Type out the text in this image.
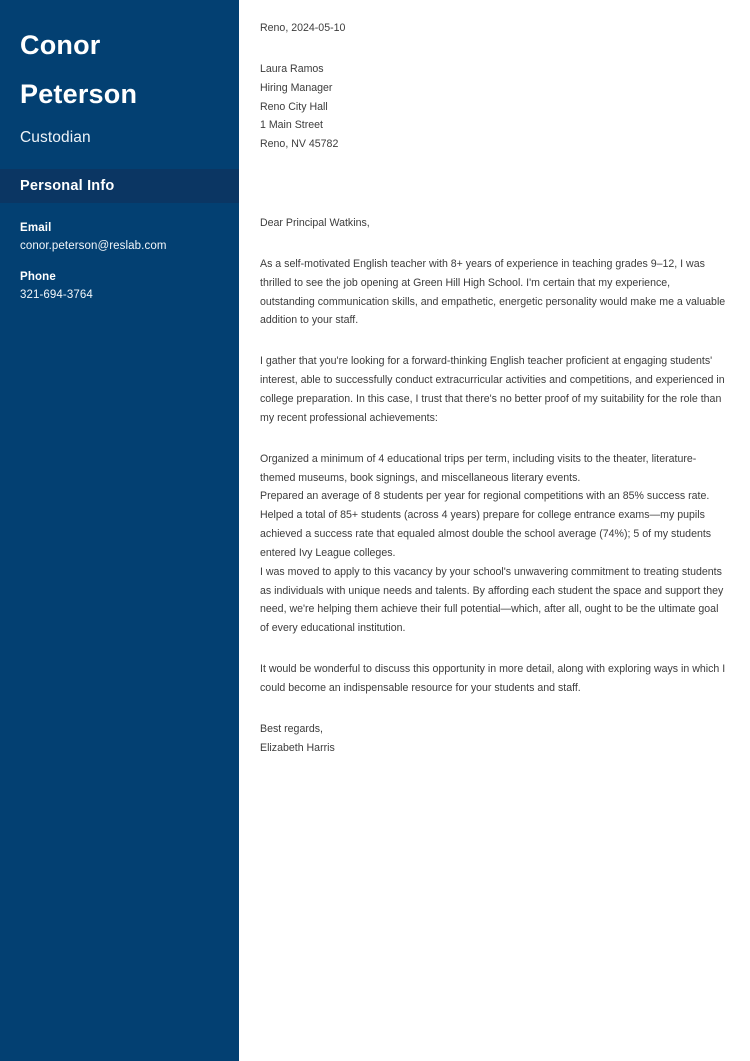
Conor
Peterson
Custodian
Personal Info
Email
conor.peterson@reslab.com
Phone
321-694-3764
Reno, 2024-05-10
Laura Ramos
Hiring Manager
Reno City Hall
1 Main Street
Reno, NV 45782
Dear Principal Watkins,

As a self-motivated English teacher with 8+ years of experience in teaching grades 9–12, I was thrilled to see the job opening at Green Hill High School. I'm certain that my experience, outstanding communication skills, and empathetic, energetic personality would make me a valuable addition to your staff.

I gather that you're looking for a forward-thinking English teacher proficient at engaging students' interest, able to successfully conduct extracurricular activities and competitions, and experienced in college preparation. In this case, I trust that there's no better proof of my suitability for the role than my recent professional achievements:

Organized a minimum of 4 educational trips per term, including visits to the theater, literature-themed museums, book signings, and miscellaneous literary events.
Prepared an average of 8 students per year for regional competitions with an 85% success rate.
Helped a total of 85+ students (across 4 years) prepare for college entrance exams—my pupils achieved a success rate that equaled almost double the school average (74%); 5 of my students entered Ivy League colleges.
I was moved to apply to this vacancy by your school's unwavering commitment to treating students as individuals with unique needs and talents. By affording each student the space and support they need, we're helping them achieve their full potential—which, after all, ought to be the ultimate goal of every educational institution.

It would be wonderful to discuss this opportunity in more detail, along with exploring ways in which I could become an indispensable resource for your students and staff.

Best regards,
Elizabeth Harris
